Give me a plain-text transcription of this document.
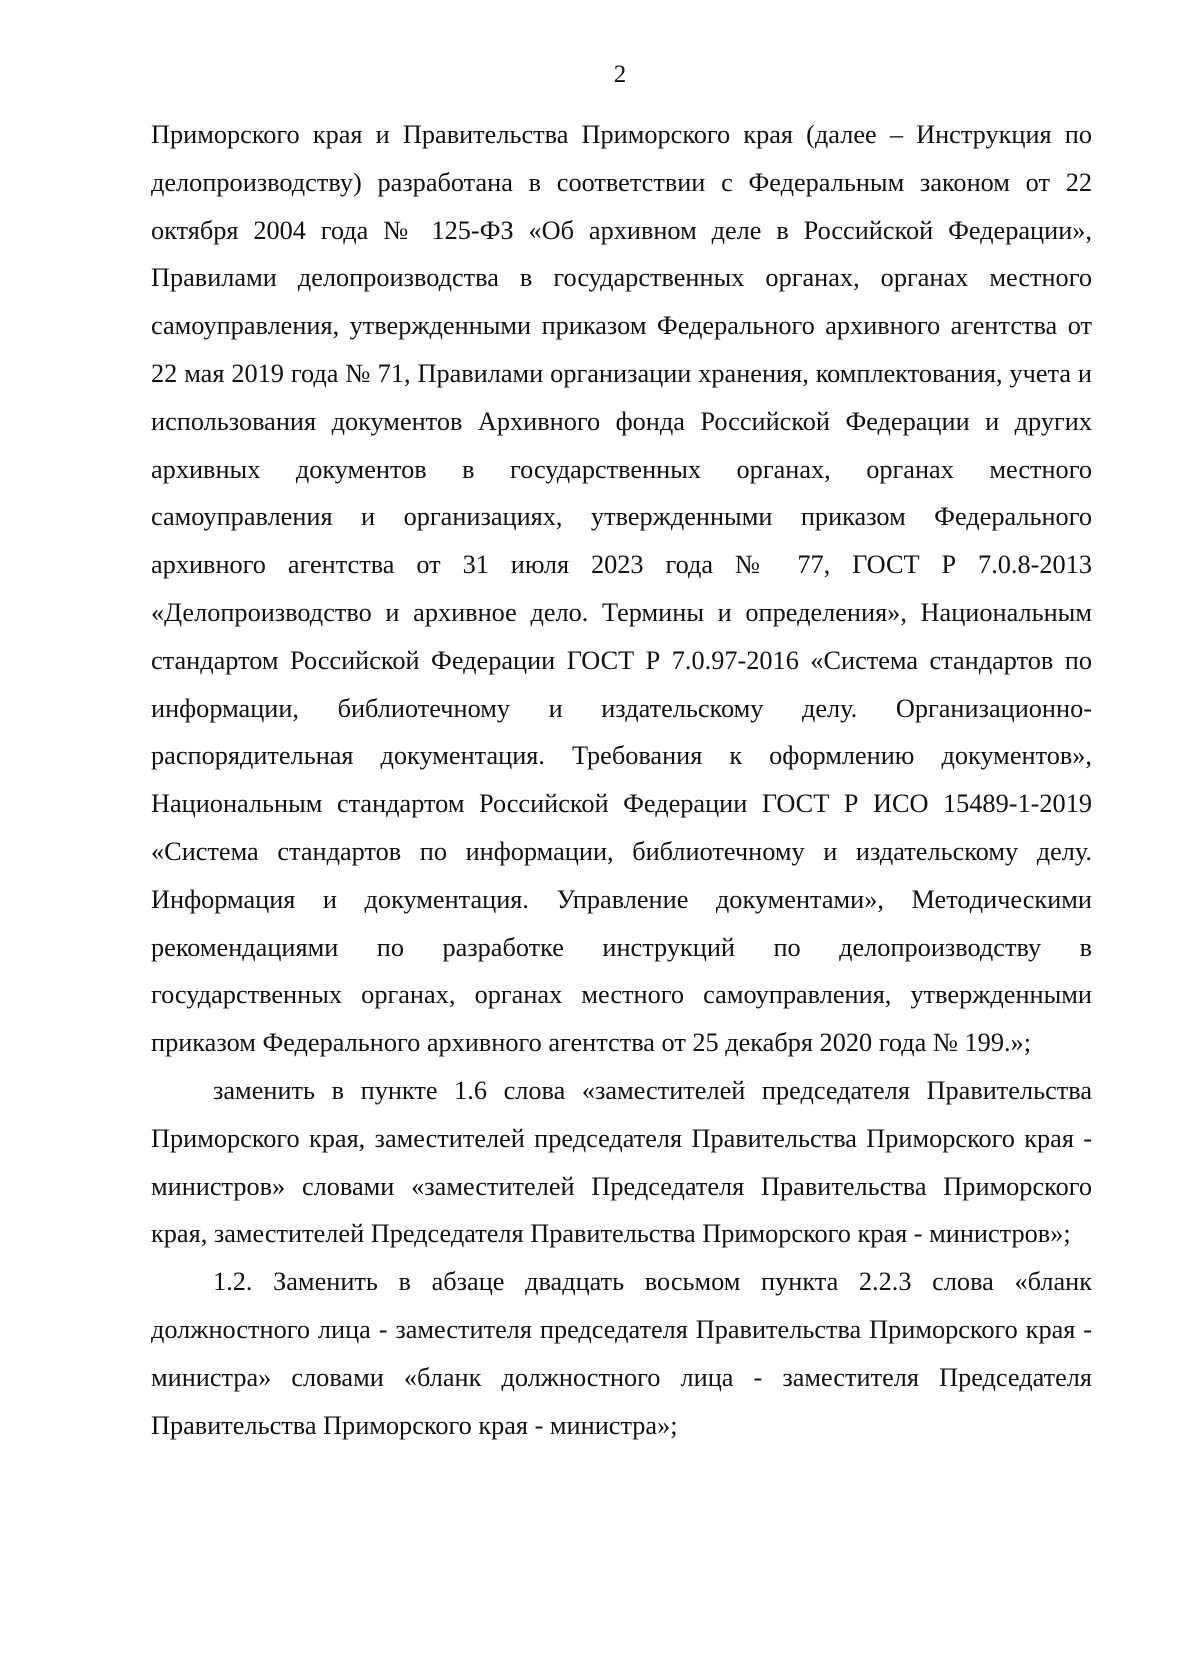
2

Приморского края и Правительства Приморского края (далее – Инструкция по делопроизводству) разработана в соответствии с Федеральным законом от 22 октября 2004 года № 125-ФЗ «Об архивном деле в Российской Федерации», Правилами делопроизводства в государственных органах, органах местного самоуправления, утвержденными приказом Федерального архивного агентства от 22 мая 2019 года № 71, Правилами организации хранения, комплектования, учета и использования документов Архивного фонда Российской Федерации и других архивных документов в государственных органах, органах местного самоуправления и организациях, утвержденными приказом Федерального архивного агентства от 31 июля 2023 года № 77, ГОСТ Р 7.0.8-2013 «Делопроизводство и архивное дело. Термины и определения», Национальным стандартом Российской Федерации ГОСТ Р 7.0.97-2016 «Система стандартов по информации, библиотечному и издательскому делу. Организационно-распорядительная документация. Требования к оформлению документов», Национальным стандартом Российской Федерации ГОСТ Р ИСО 15489-1-2019 «Система стандартов по информации, библиотечному и издательскому делу. Информация и документация. Управление документами», Методическими рекомендациями по разработке инструкций по делопроизводству в государственных органах, органах местного самоуправления, утвержденными приказом Федерального архивного агентства от 25 декабря 2020 года № 199.»;

заменить в пункте 1.6 слова «заместителей председателя Правительства Приморского края, заместителей председателя Правительства Приморского края - министров» словами «заместителей Председателя Правительства Приморского края, заместителей Председателя Правительства Приморского края - министров»;

1.2. Заменить в абзаце двадцать восьмом пункта 2.2.3 слова «бланк должностного лица - заместителя председателя Правительства Приморского края - министра» словами «бланк должностного лица - заместителя Председателя Правительства Приморского края - министра»;
